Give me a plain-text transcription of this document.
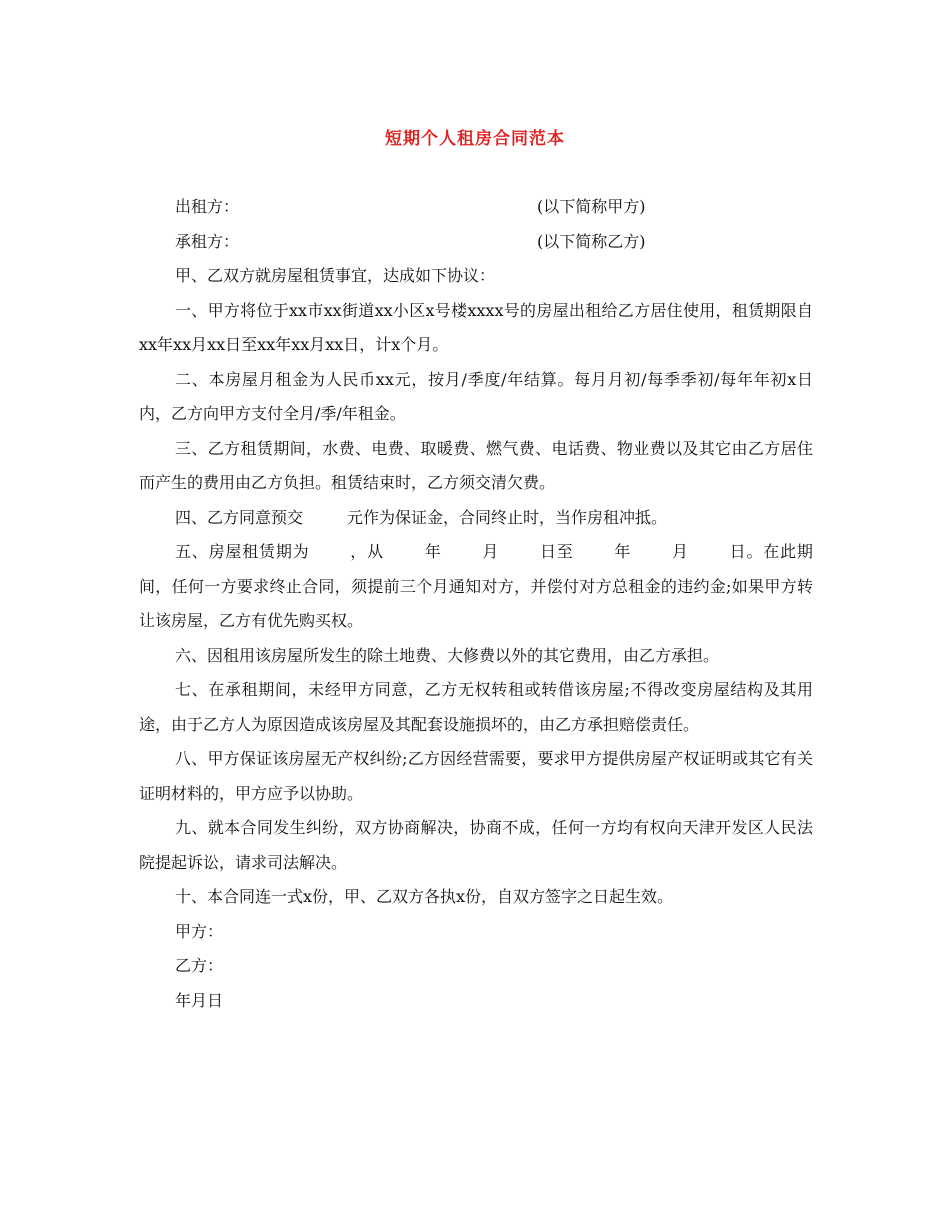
短期个人租房合同范本
出租方：	(以下简称甲方)
承租方：	(以下简称乙方)

甲、乙双方就房屋租赁事宜，达成如下协议：

一、甲方将位于xx市xx街道xx小区x号楼xxxx号的房屋出租给乙方居住使用，租赁期限自xx年xx月xx日至xx年xx月xx日，计x个月。

二、本房屋月租金为人民币xx元，按月/季度/年结算。每月月初/每季季初/每年年初x日内，乙方向甲方支付全月/季/年租金。

三、乙方租赁期间，水费、电费、取暖费、燃气费、电话费、物业费以及其它由乙方居住而产生的费用由乙方负担。租赁结束时，乙方须交清欠费。

四、乙方同意预交	元作为保证金，合同终止时，当作房租冲抵。

五、房屋租赁期为	，从	年	月	日至	年	月	日。在此期间，任何一方要求终止合同，须提前三个月通知对方，并偿付对方总租金的违约金;如果甲方转让该房屋，乙方有优先购买权。

六、因租用该房屋所发生的除土地费、大修费以外的其它费用，由乙方承担。

七、在承租期间，未经甲方同意，乙方无权转租或转借该房屋;不得改变房屋结构及其用途，由于乙方人为原因造成该房屋及其配套设施损坏的，由乙方承担赔偿责任。

八、甲方保证该房屋无产权纠纷;乙方因经营需要，要求甲方提供房屋产权证明或其它有关证明材料的，甲方应予以协助。

九、就本合同发生纠纷，双方协商解决，协商不成，任何一方均有权向天津开发区人民法院提起诉讼，请求司法解决。

十、本合同连一式x份，甲、乙双方各执x份，自双方签字之日起生效。

甲方：

乙方：

年月日
